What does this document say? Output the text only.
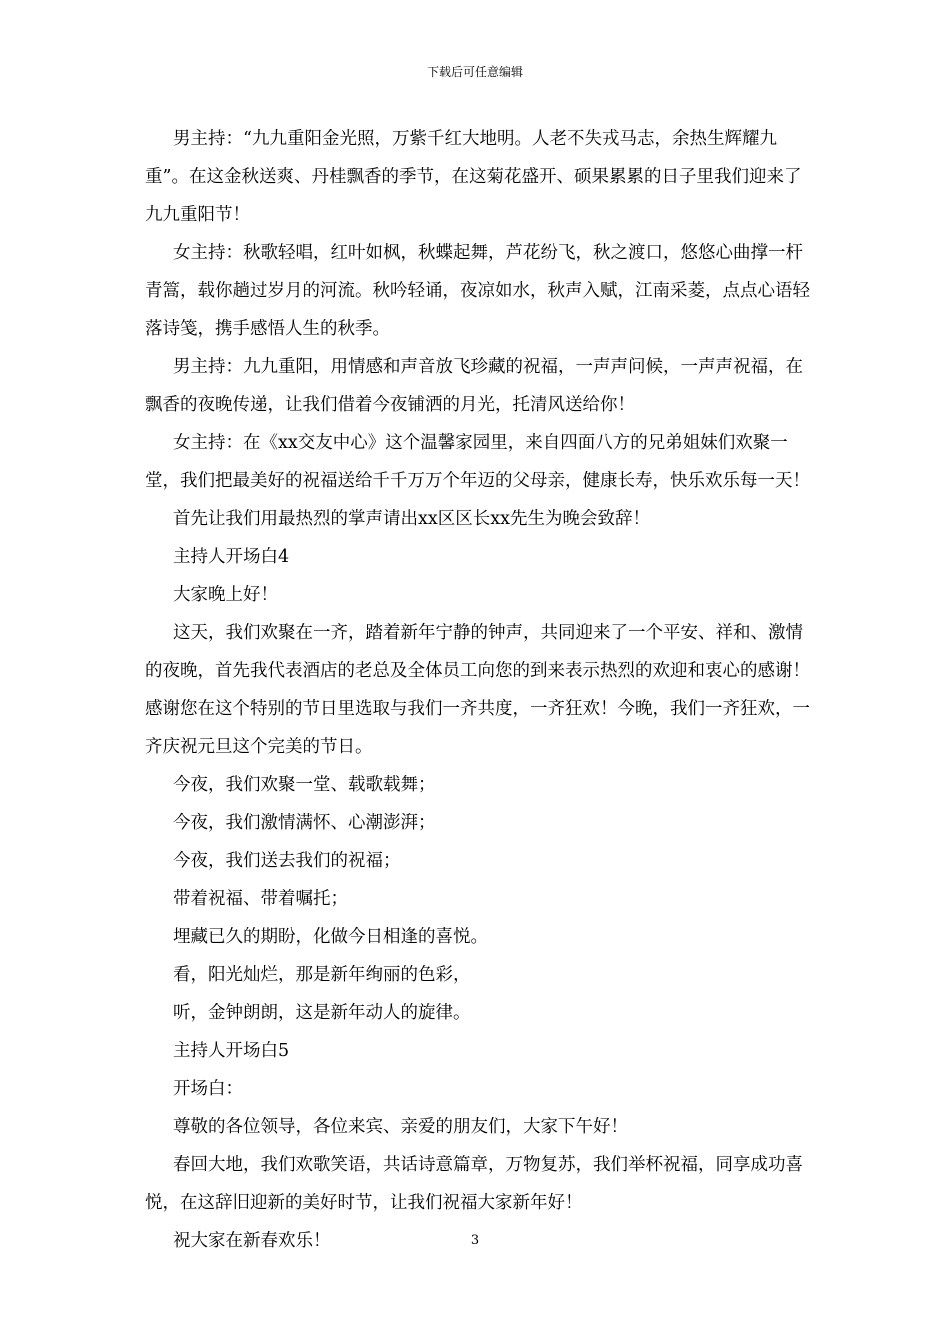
下载后可任意编辑

男主持：“九九重阳金光照，万紫千红大地明。人老不失戎马志，余热生辉耀九重”。在这金秋送爽、丹桂飘香的季节，在这菊花盛开、硕果累累的日子里我们迎来了九九重阳节！

女主持：秋歌轻唱，红叶如枫，秋蝶起舞，芦花纷飞，秋之渡口，悠悠心曲撑一杆青篙，载你趟过岁月的河流。秋吟轻诵，夜凉如水，秋声入赋，江南采菱，点点心语轻落诗笺，携手感悟人生的秋季。

男主持：九九重阳，用情感和声音放飞珍藏的祝福，一声声问候，一声声祝福，在飘香的夜晚传递，让我们借着今夜铺洒的月光，托清风送给你！

女主持：在《xx交友中心》这个温馨家园里，来自四面八方的兄弟姐妹们欢聚一堂，我们把最美好的祝福送给千千万万个年迈的父母亲，健康长寿，快乐欢乐每一天！

首先让我们用最热烈的掌声请出xx区区长xx先生为晚会致辞！

主持人开场白4

大家晚上好！

这天，我们欢聚在一齐，踏着新年宁静的钟声，共同迎来了一个平安、祥和、激情的夜晚，首先我代表酒店的老总及全体员工向您的到来表示热烈的欢迎和衷心的感谢！感谢您在这个特别的节日里选取与我们一齐共度，一齐狂欢！今晚，我们一齐狂欢，一齐庆祝元旦这个完美的节日。

今夜，我们欢聚一堂、载歌载舞；

今夜，我们激情满怀、心潮澎湃；

今夜，我们送去我们的祝福；

带着祝福、带着嘱托；

埋藏已久的期盼，化做今日相逢的喜悦。

看，阳光灿烂，那是新年绚丽的色彩，

听，金钟朗朗，这是新年动人的旋律。

主持人开场白5

开场白：

尊敬的各位领导，各位来宾、亲爱的朋友们，大家下午好！

春回大地，我们欢歌笑语，共话诗意篇章，万物复苏，我们举杯祝福，同享成功喜悦，在这辞旧迎新的美好时节，让我们祝福大家新年好！

祝大家在新春欢乐！	3
